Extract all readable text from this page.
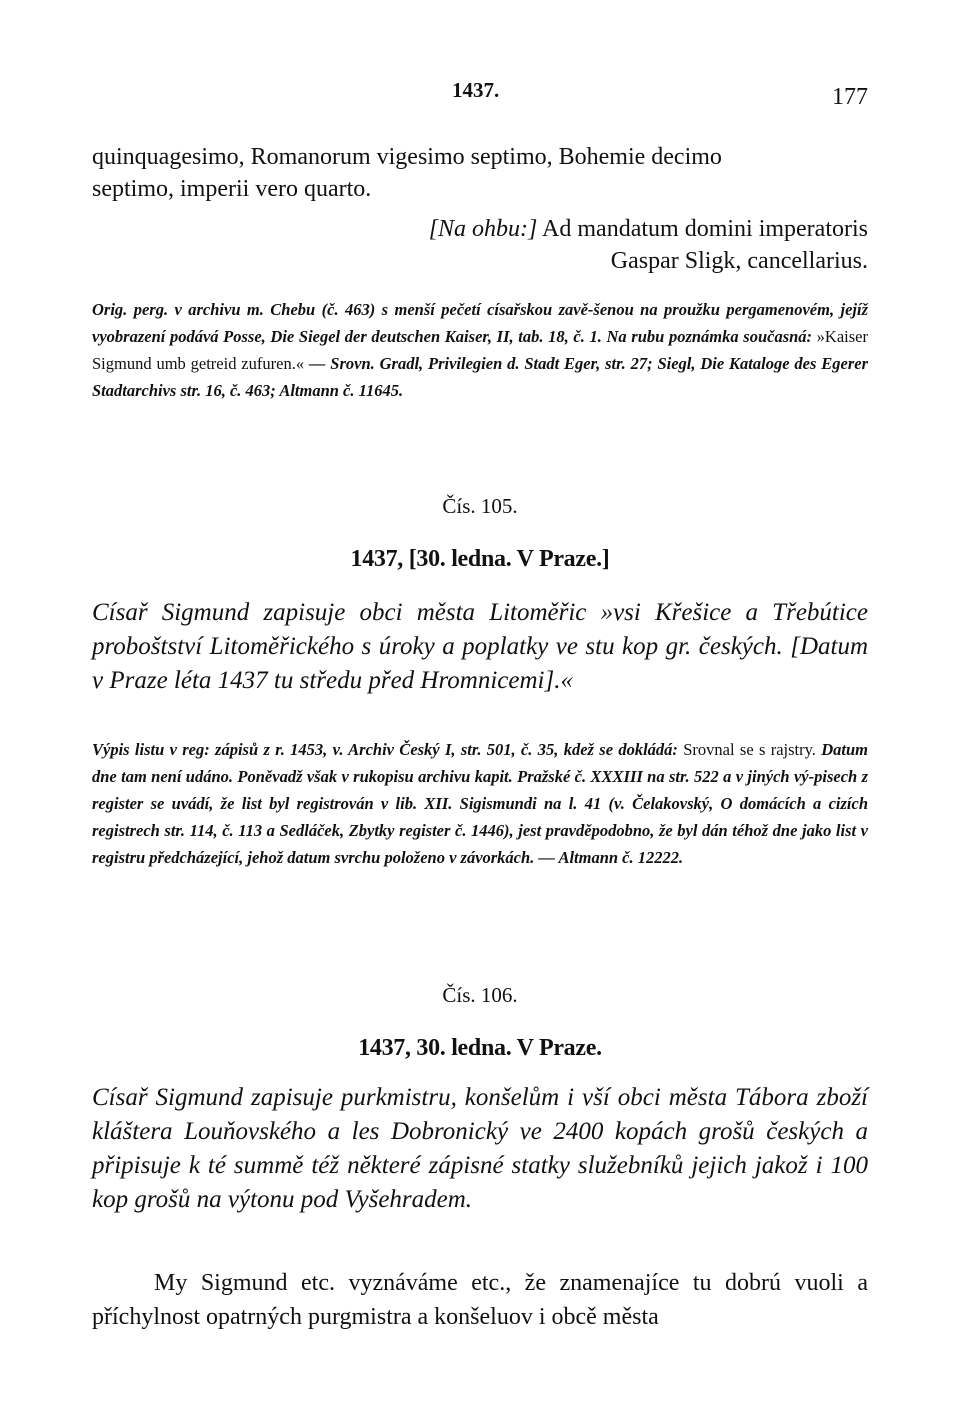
1437.	177
quinquagesimo, Romanorum vigesimo septimo, Bohemie decimo
septimo, imperii vero quarto.
[Na ohbu:] Ad mandatum domini imperatoris
Gaspar Sligk, cancellarius.
Orig. perg. v archivu m. Chebu (č. 463) s menší pečetí císařskou zavě-šenou na proužku pergamenovém, jejíž vyobrazení podává Posse, Die Siegel der deutschen Kaiser, II, tab. 18, č. 1. Na rubu poznámka současná: »Kaiser Sigmund umb getreid zufuren.« — Srovn. Gradl, Privilegien d. Stadt Eger, str. 27; Siegl, Die Kataloge des Egerer Stadtarchivs str. 16, č. 463; Altmann č. 11645.
Čís. 105.
1437, [30. ledna. V Praze.]
Císař Sigmund zapisuje obci města Litoměřic »vsi Křešice a Třebútice proboštství Litoměřického s úroky a poplatky ve stu kop gr. českých. [Datum v Praze léta 1437 tu středu před Hromnicemi].«
Výpis listu v reg: zápisů z r. 1453, v. Archiv Český I, str. 501, č. 35, kdež se dokládá: Srovnal se s rajstry. Datum dne tam není udáno. Poněvadž však v rukopisu archivu kapit. Pražské č. XXXIII na str. 522 a v jiných vý-pisech z register se uvádí, že list byl registrován v lib. XII. Sigismundi na l. 41 (v. Čelakovský, O domácích a cizích registrech str. 114, č. 113 a Sedláček, Zbytky register č. 1446), jest pravděpodobno, že byl dán téhož dne jako list v registru předcházející, jehož datum svrchu položeno v závorkách. — Altmann č. 12222.
Čís. 106.
1437, 30. ledna. V Praze.
Císař Sigmund zapisuje purkmistru, konšelům i vší obci města Tábora zboží kláštera Louňovského a les Dobronický ve 2400 kopách grošů českých a připisuje k té summě též některé zápisné statky služebníků jejich jakož i 100 kop grošů na výtonu pod Vyšehradem.
My Sigmund etc. vyznáváme etc., že znamenajíce tu dobrú vuoli a příchylnost opatrných purgmistra a konšeluov i obcě města
